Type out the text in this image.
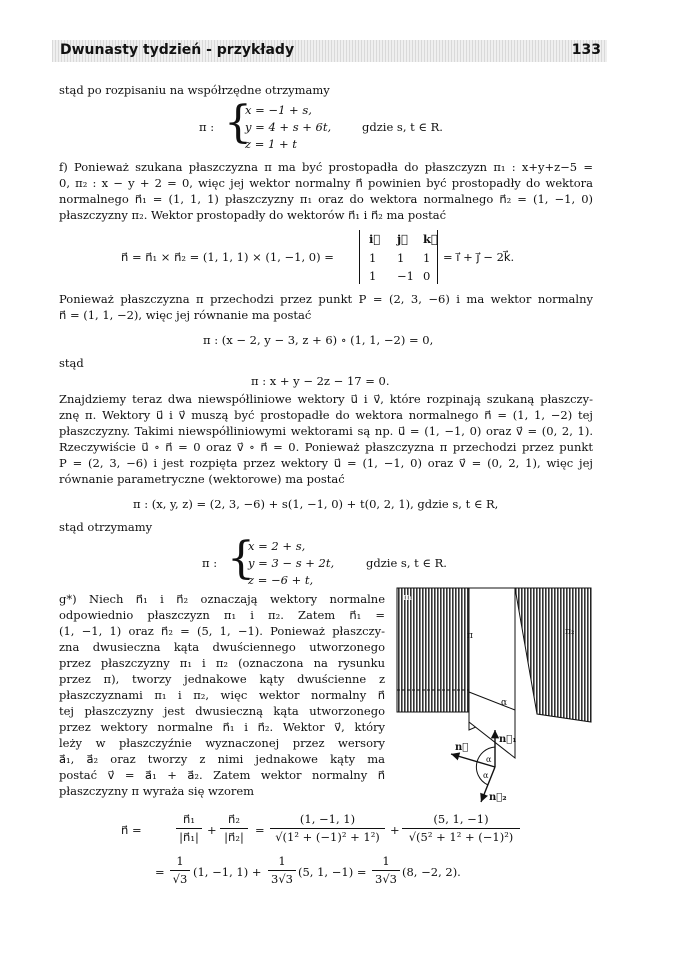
Dwunasty tydzień - przykłady	133
stąd po rozpisaniu na współrzędne otrzymamy
π : {
x = −1 + s,
y = 4 + s + 6t,
z = 1 + t
gdzie s, t ∈ R.
f) Ponieważ szukana płaszczyzna π ma być prostopadła do płaszczyzn π₁ : x+y+z−5 =
0, π₂ : x − y + 2 = 0, więc jej wektor normalny n⃗ powinien być prostopadły do wektora
normalnego n⃗₁ = (1, 1, 1) płaszczyzny π₁ oraz do wektora normalnego n⃗₂ = (1, −1, 0)
płaszczyzny π₂. Wektor prostopadły do wektorów n⃗₁ i n⃗₂ ma postać
n⃗ = n⃗₁ × n⃗₂ = (1, 1, 1) × (1, −1, 0) =
i⃗ j⃗ k⃗
1 1 1
1 −1 0
= i⃗ + j⃗ − 2k⃗.
Ponieważ płaszczyzna π przechodzi przez punkt P = (2, 3, −6) i ma wektor normalny
n⃗ = (1, 1, −2), więc jej równanie ma postać
π : (x − 2, y − 3, z + 6) ∘ (1, 1, −2) = 0,
stąd
π : x + y − 2z − 17 = 0.
Znajdziemy teraz dwa niewspółliniowe wektory u⃗ i v⃗, które rozpinają szukaną płaszczy-
znę π. Wektory u⃗ i v⃗ muszą być prostopadłe do wektora normalnego n⃗ = (1, 1, −2) tej
płaszczyzny. Takimi niewspółliniowymi wektorami są np. u⃗ = (1, −1, 0) oraz v⃗ = (0, 2, 1).
Rzeczywiście u⃗ ∘ n⃗ = 0 oraz v⃗ ∘ n⃗ = 0. Ponieważ płaszczyzna π przechodzi przez punkt
P = (2, 3, −6) i jest rozpięta przez wektory u⃗ = (1, −1, 0) oraz v⃗ = (0, 2, 1), więc jej
równanie parametryczne (wektorowe) ma postać
π : (x, y, z) = (2, 3, −6) + s(1, −1, 0) + t(0, 2, 1), gdzie s, t ∈ R,
stąd otrzymamy
π : {
x = 2 + s,
y = 3 − s + 2t,
z = −6 + t,
gdzie s, t ∈ R.
g*) Niech n⃗₁ i n⃗₂ oznaczają wektory normalne
odpowiednio płaszczyzn π₁ i π₂. Zatem n⃗₁ =
(1, −1, 1) oraz n⃗₂ = (5, 1, −1). Ponieważ płaszczy-
zna dwusieczna kąta dwuściennego utworzonego
przez płaszczyzny π₁ i π₂ (oznaczona na rysunku
przez π), tworzy jednakowe kąty dwuścienne z
płaszczyznami π₁ i π₂, więc wektor normalny n⃗
tej płaszczyzny jest dwusieczną kąta utworzonego
przez wektory normalne n⃗₁ i n⃗₂. Wektor v⃗, który
leży w płaszczyźnie wyznaczonej przez wersory
a⃗₁, a⃗₂ oraz tworzy z nimi jednakowe kąty ma
postać v⃗ = a⃗₁ + a⃗₂. Zatem wektor normalny n⃗
płaszczyzny π wyraża się wzorem
π₁
π₂
π
α
n⃗
n⃗₁
n⃗₂
α
α
n⃗ =
n⃗₁
|n⃗₁| +
n⃗₂
|n⃗₂| =
(1, −1, 1)
√(1² + (−1)² + 1²) +
(5, 1, −1)
√(5² + 1² + (−1)²)
=
1
√3 (1, −1, 1) +
1
3√3 (5, 1, −1) =
1
3√3 (8, −2, 2).
